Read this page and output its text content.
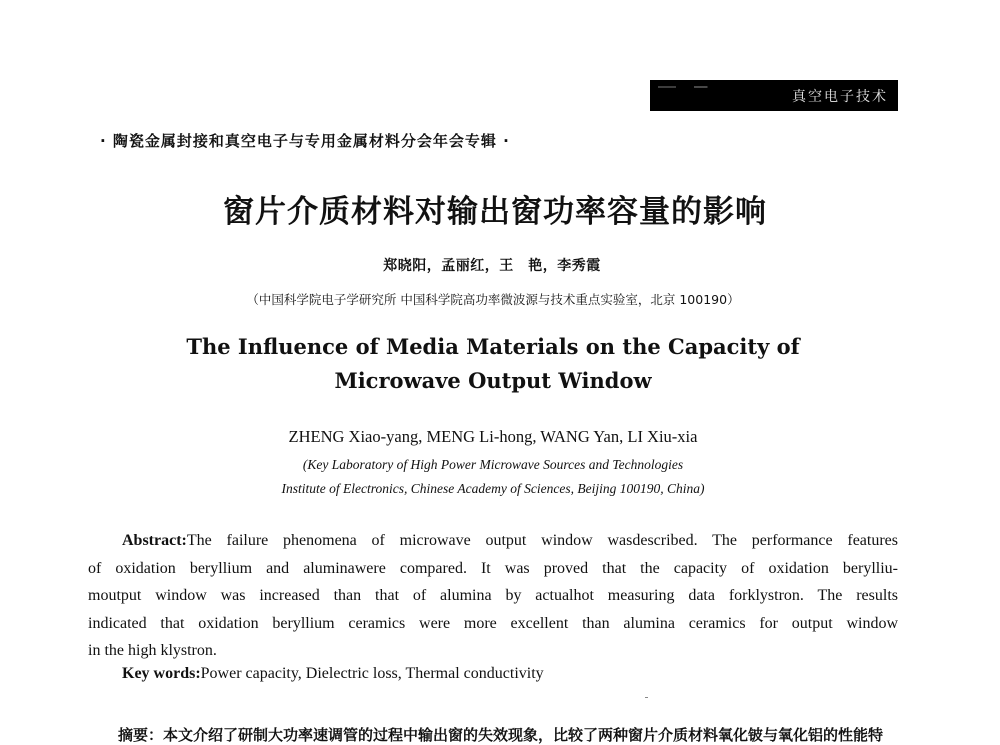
真空电子技术
· 陶瓷金属封接和真空电子与专用金属材料分会年会专辑 ·
窗片介质材料对输出窗功率容量的影响
郑晓阳，孟丽红，王　艳，李秀霞
（中国科学院电子学研究所 中国科学院高功率微波源与技术重点实验室，北京 100190）
The Influence of Media Materials on the Capacity of
Microwave Output Window
ZHENG Xiao-yang, MENG Li-hong, WANG Yan, LI Xiu-xia
(Key Laboratory of High Power Microwave Sources and Technologies
Institute of Electronics, Chinese Academy of Sciences, Beijing 100190, China)
Abstract:The failure phenomena of microwave output window wasdescribed. The performance features
of oxidation beryllium and aluminawere compared. It was proved that the capacity of oxidation berylliu-
moutput window was increased than that of alumina by actualhot measuring data forklystron. The results
indicated that oxidation beryllium ceramics were more excellent than alumina ceramics for output window
in the high klystron.
Key words:Power capacity, Dielectric loss, Thermal conductivity
摘要：本文介绍了研制大功率速调管的过程中输出窗的失效现象，比较了两种窗片介质材料氧化铍与氧化铝的性能特
